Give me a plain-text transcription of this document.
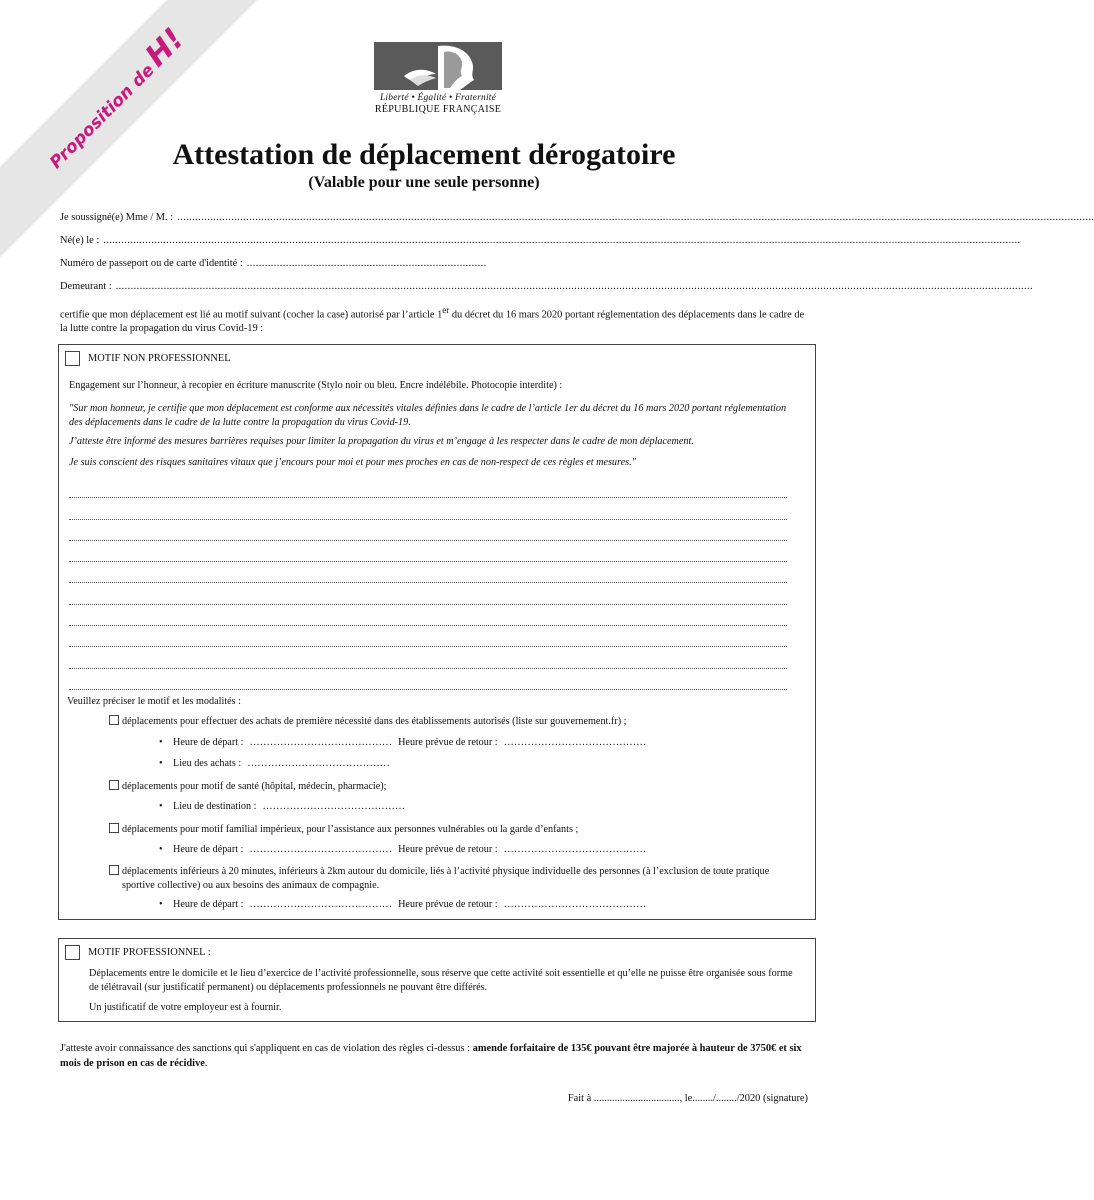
Proposition de
H!
Liberté • Égalité • Fraternité
RÉPUBLIQUE FRANÇAISE
Attestation de déplacement dérogatoire
(Valable pour une seule personne)
Je soussigné(e) Mme / M. : ..................................................................................................................................................................................................................................................................................................................
Né(e) le : ..................................................................................................................................................................................................................................................................................................................
Numéro de passeport ou de carte d'identité : ................................................................................
Demeurant : ..................................................................................................................................................................................................................................................................................................................
certifie que mon déplacement est lié au motif suivant (cocher la case) autorisé par l’article 1er du décret du 16 mars 2020 portant réglementation des déplacements dans le cadre de la lutte contre la propagation du virus Covid-19 :
MOTIF NON PROFESSIONNEL

Engagement sur l’honneur, à recopier en écriture manuscrite (Stylo noir ou bleu. Encre indélébile. Photocopie interdite) :

"Sur mon honneur, je certifie que mon déplacement est conforme aux nécessités vitales définies dans le cadre de l’article 1er du décret du 16 mars 2020 portant réglementation des déplacements dans le cadre de la lutte contre la propagation du virus Covid-19.

J’atteste être informé des mesures barrières requises pour limiter la propagation du virus et m’engage à les respecter dans le cadre de mon déplacement.

Je suis conscient des risques sanitaires vitaux que j’encours pour moi et pour mes proches en cas de non-respect de ces règles et mesures."

Veuillez préciser le motif et les modalités :

déplacements pour effectuer des achats de première nécessité dans des établissements autorisés (liste sur gouvernement.fr) ;
•	Heure de départ : …………………………………… Heure prévue de retour : ……………………………………
•	Lieu des achats : ……………………………………
déplacements pour motif de santé (hôpital, médecin, pharmacie);
•	Lieu de destination : ……………………………………
déplacements pour motif familial impérieux, pour l’assistance aux personnes vulnérables ou la garde d’enfants ;
•	Heure de départ : …………………………………… Heure prévue de retour : ……………………………………
déplacements inférieurs à 20 minutes, inférieurs à 2km autour du domicile, liés à l’activité physique individuelle des personnes (à l’exclusion de toute pratique sportive collective) ou aux besoins des animaux de compagnie.
•	Heure de départ : …………………………………… Heure prévue de retour : ……………………………………
MOTIF PROFESSIONNEL :

Déplacements entre le domicile et le lieu d’exercice de l’activité professionnelle, sous réserve que cette activité soit essentielle et qu’elle ne puisse être organisée sous forme de télétravail (sur justificatif permanent) ou déplacements professionnels ne pouvant être différés.

Un justificatif de votre employeur est à fournir.

J'atteste avoir connaissance des sanctions qui s'appliquent en cas de violation des règles ci-dessus : amende forfaitaire de 135€ pouvant être majorée à hauteur de 3750€ et six mois de prison en cas de récidive.
Fait à ................................., le......../......../2020 (signature)
